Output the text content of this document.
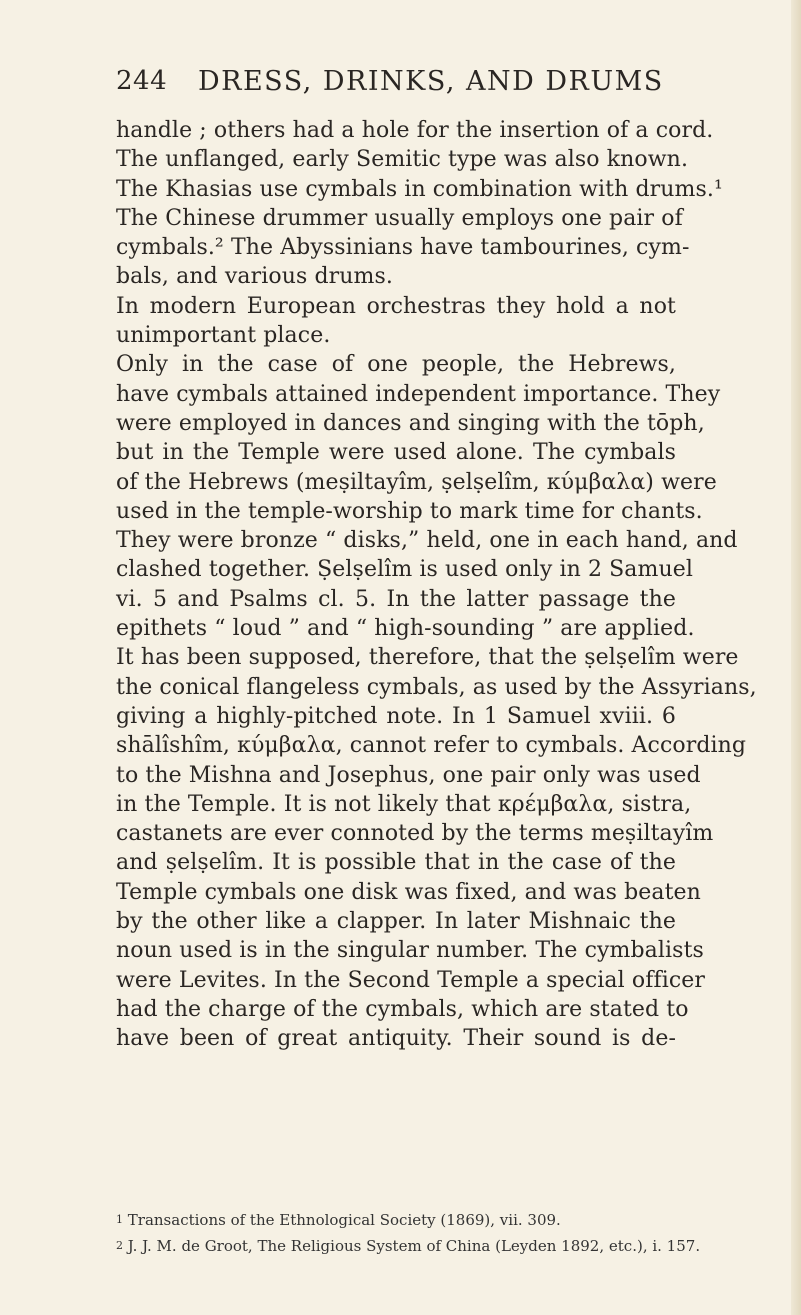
244 DRESS, DRINKS, AND DRUMS
handle ; others had a hole for the insertion of a cord.
The unflanged, early Semitic type was also known.
The Khasias use cymbals in combination with drums.¹
The Chinese drummer usually employs one pair of
cymbals.² The Abyssinians have tambourines, cym-
bals, and various drums.
In modern European orchestras they hold a not
unimportant place.
Only in the case of one people, the Hebrews,
have cymbals attained independent importance. They
were employed in dances and singing with the tōph,
but in the Temple were used alone. The cymbals
of the Hebrews (meṣiltayîm, ṣelṣelîm, κύμβαλα) were
used in the temple-worship to mark time for chants.
They were bronze “ disks,” held, one in each hand, and
clashed together. Ṣelṣelîm is used only in 2 Samuel
vi. 5 and Psalms cl. 5. In the latter passage the
epithets “ loud ” and “ high-sounding ” are applied.
It has been supposed, therefore, that the ṣelṣelîm were
the conical flangeless cymbals, as used by the Assyrians,
giving a highly-pitched note. In 1 Samuel xviii. 6
shālîshîm, κύμβαλα, cannot refer to cymbals. According
to the Mishna and Josephus, one pair only was used
in the Temple. It is not likely that κρέμβαλα, sistra,
castanets are ever connoted by the terms meṣiltayîm
and ṣelṣelîm. It is possible that in the case of the
Temple cymbals one disk was fixed, and was beaten
by the other like a clapper. In later Mishnaic the
noun used is in the singular number. The cymbalists
were Levites. In the Second Temple a special officer
had the charge of the cymbals, which are stated to
have been of great antiquity. Their sound is de-
$^1$ Transactions of the Ethnological Society (1869), vii. 309.
$^2$ J. J. M. de Groot, The Religious System of China (Leyden 1892, etc.), i. 157.
